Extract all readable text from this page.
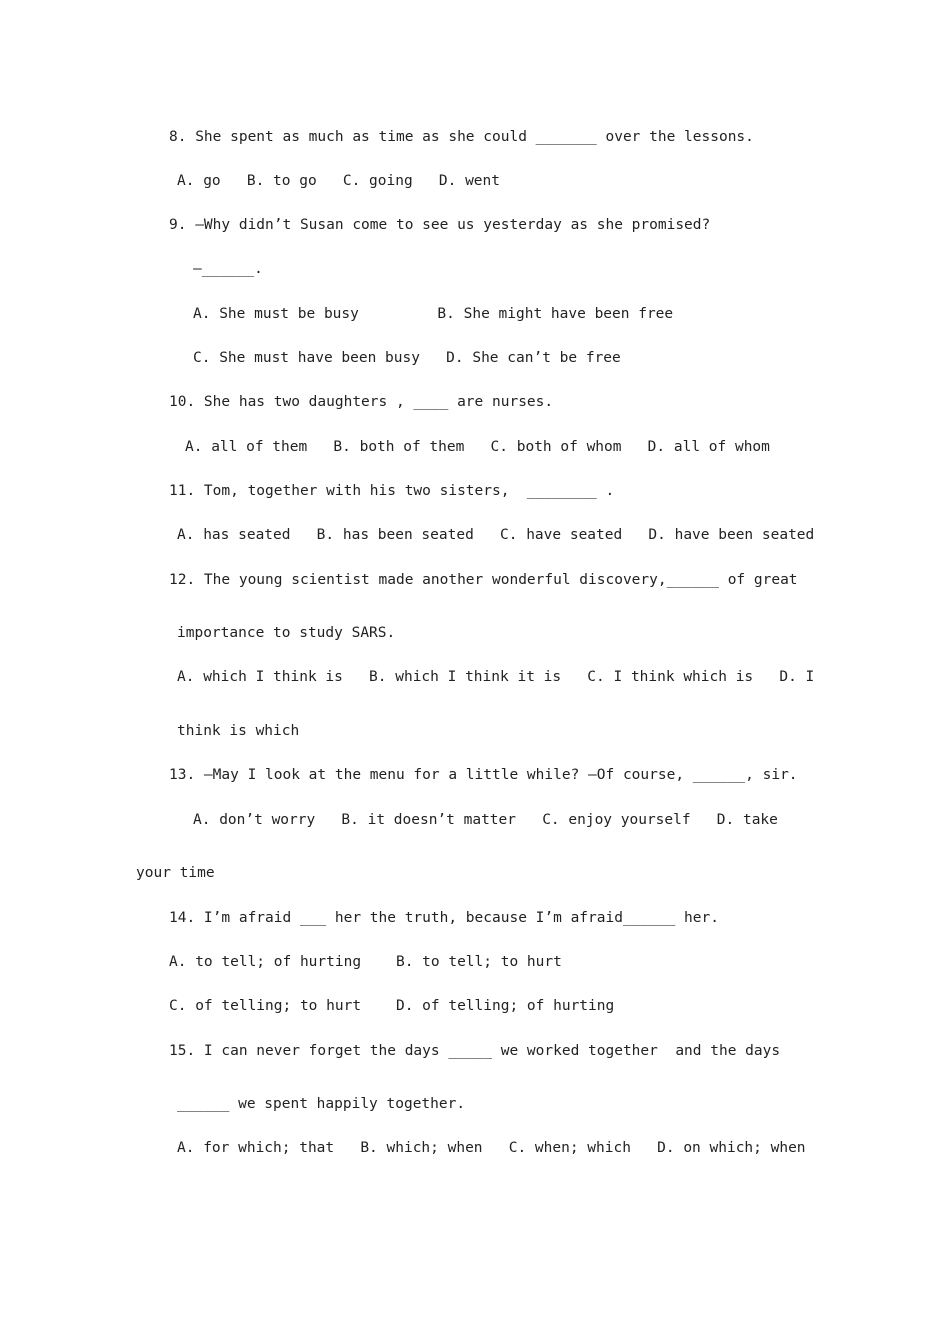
8. She spent as much as time as she could _______ over the lessons.

A. go   B. to go   C. going   D. went

9. —Why didn’t Susan come to see us yesterday as she promised?

—______.

A. She must be busy         B. She might have been free

C. She must have been busy   D. She can’t be free

10. She has two daughters , ____ are nurses.

A. all of them   B. both of them   C. both of whom   D. all of whom

11. Tom, together with his two sisters,  ________ .

A. has seated   B. has been seated   C. have seated   D. have been seated

12. The young scientist made another wonderful discovery,______ of great

importance to study SARS.

A. which I think is   B. which I think it is   C. I think which is   D. I

think is which

13. —May I look at the menu for a little while? —Of course, ______, sir.

A. don’t worry   B. it doesn’t matter   C. enjoy yourself   D. take

your time

14. I’m afraid ___ her the truth, because I’m afraid______ her.

A. to tell; of hurting    B. to tell; to hurt

C. of telling; to hurt    D. of telling; of hurting

15. I can never forget the days _____ we worked together  and the days

______ we spent happily together.

A. for which; that   B. which; when   C. when; which   D. on which; when
